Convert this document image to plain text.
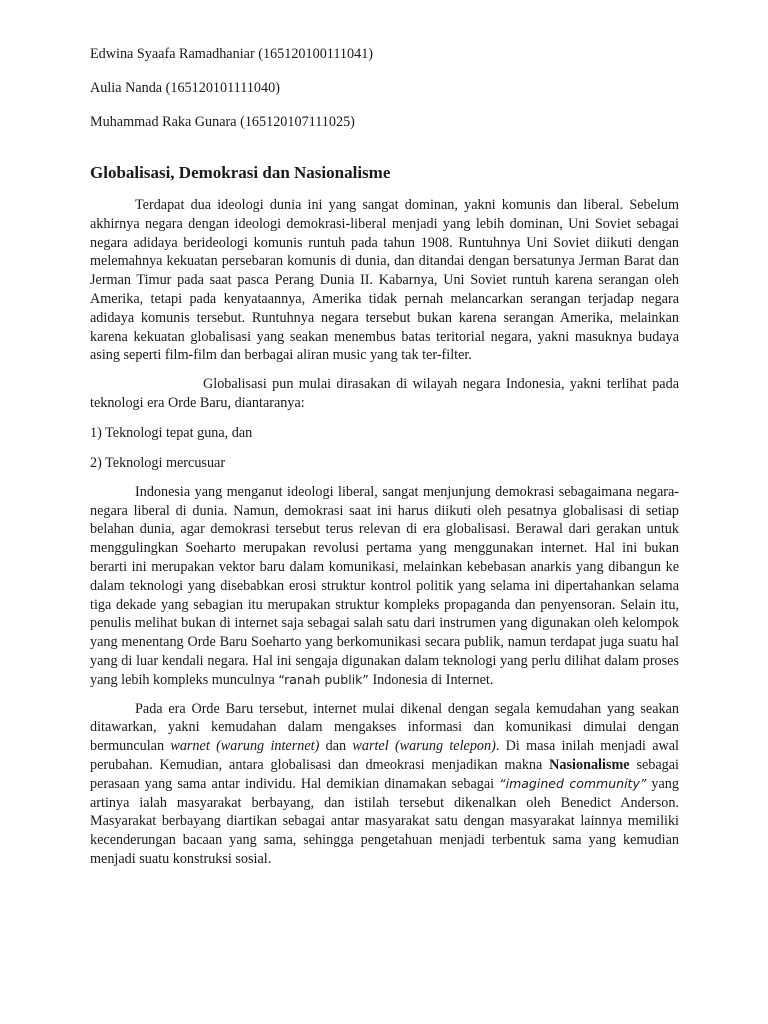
Edwina Syaafa Ramadhaniar (165120100111041)

Aulia Nanda (165120101111040)

Muhammad Raka Gunara (165120107111025)

Globalisasi, Demokrasi dan Nasionalisme

Terdapat dua ideologi dunia ini yang sangat dominan, yakni komunis dan liberal. Sebelum akhirnya negara dengan ideologi demokrasi-liberal menjadi yang lebih dominan, Uni Soviet sebagai negara adidaya berideologi komunis runtuh pada tahun 1908. Runtuhnya Uni Soviet diikuti dengan melemahnya kekuatan persebaran komunis di dunia, dan ditandai dengan bersatunya Jerman Barat dan Jerman Timur pada saat pasca Perang Dunia II. Kabarnya, Uni Soviet runtuh karena serangan oleh Amerika, tetapi pada kenyataannya, Amerika tidak pernah melancarkan serangan terjadap negara adidaya komunis tersebut. Runtuhnya negara tersebut bukan karena serangan Amerika, melainkan karena kekuatan globalisasi yang seakan menembus batas teritorial negara, yakni masuknya budaya asing seperti film-film dan berbagai aliran music yang tak ter-filter.

Globalisasi pun mulai dirasakan di wilayah negara Indonesia, yakni terlihat pada teknologi era Orde Baru, diantaranya:

1) Teknologi tepat guna, dan

2) Teknologi mercusuar

Indonesia yang menganut ideologi liberal, sangat menjunjung demokrasi sebagaimana negara-negara liberal di dunia. Namun, demokrasi saat ini harus diikuti oleh pesatnya globalisasi di setiap belahan dunia, agar demokrasi tersebut terus relevan di era globalisasi. Berawal dari gerakan untuk menggulingkan Soeharto merupakan revolusi pertama yang menggunakan internet. Hal ini bukan berarti ini merupakan vektor baru dalam komunikasi, melainkan kebebasan anarkis yang dibangun ke dalam teknologi yang disebabkan erosi struktur kontrol politik yang selama ini dipertahankan selama tiga dekade yang sebagian itu merupakan struktur kompleks propaganda dan penyensoran. Selain itu, penulis melihat bukan di internet saja sebagai salah satu dari instrumen yang digunakan oleh kelompok yang menentang Orde Baru Soeharto yang berkomunikasi secara publik, namun terdapat juga suatu hal yang di luar kendali negara. Hal ini sengaja digunakan dalam teknologi yang perlu dilihat dalam proses yang lebih kompleks munculnya “ranah publik” Indonesia di Internet.

Pada era Orde Baru tersebut, internet mulai dikenal dengan segala kemudahan yang seakan ditawarkan, yakni kemudahan dalam mengakses informasi dan komunikasi dimulai dengan bermunculan warnet (warung internet) dan wartel (warung telepon). Di masa inilah menjadi awal perubahan. Kemudian, antara globalisasi dan dmeokrasi menjadikan makna Nasionalisme sebagai perasaan yang sama antar individu. Hal demikian dinamakan sebagai “imagined community” yang artinya ialah masyarakat berbayang, dan istilah tersebut dikenalkan oleh Benedict Anderson. Masyarakat berbayang diartikan sebagai antar masyarakat satu dengan masyarakat lainnya memiliki kecenderungan bacaan yang sama, sehingga pengetahuan menjadi terbentuk sama yang kemudian menjadi suatu konstruksi sosial.
